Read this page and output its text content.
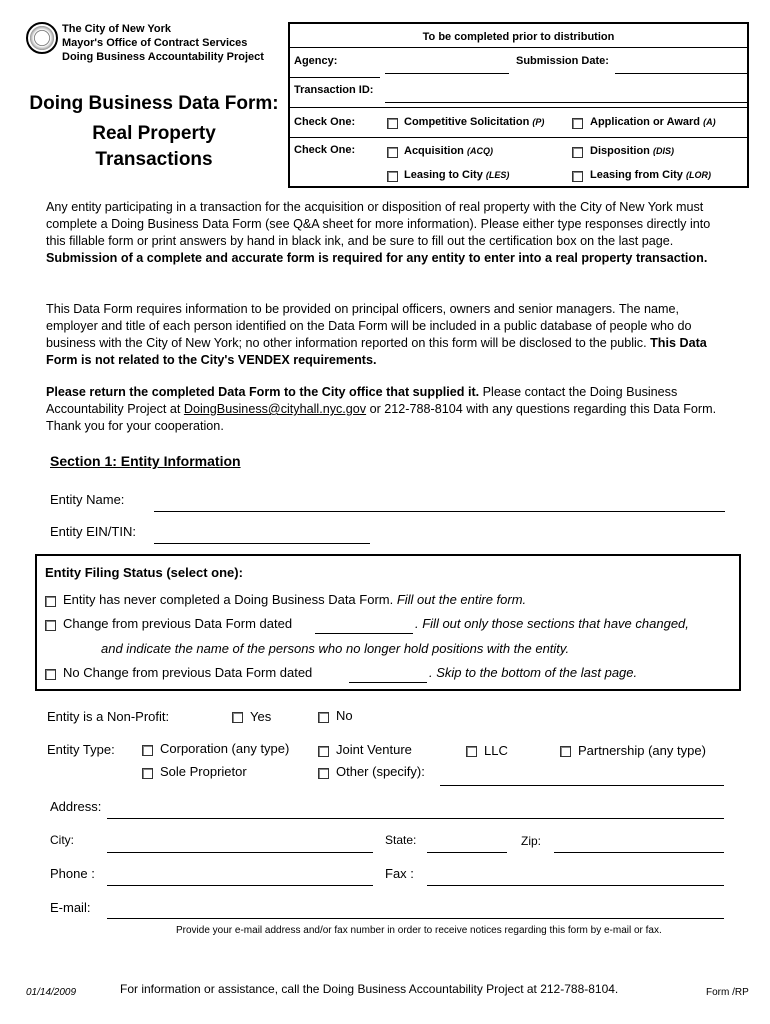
The City of New York
Mayor's Office of Contract Services
Doing Business Accountability Project
Doing Business Data Form:
Real Property
Transactions
To be completed prior to distribution
Agency:	Submission Date:
Transaction ID:
Check One:	Competitive Solicitation (P)	Application or Award (A)
Check One:	Acquisition (ACQ)	Disposition (DIS)
Leasing to City (LES)	Leasing from City (LOR)
Any entity participating in a transaction for the acquisition or disposition of real property with the City of New York must complete a Doing Business Data Form (see Q&A sheet for more information). Please either type responses directly into this fillable form or print answers by hand in black ink, and be sure to fill out the certification box on the last page. Submission of a complete and accurate form is required for any entity to enter into a real property transaction.
This Data Form requires information to be provided on principal officers, owners and senior managers. The name, employer and title of each person identified on the Data Form will be included in a public database of people who do business with the City of New York; no other information reported on this form will be disclosed to the public. This Data Form is not related to the City's VENDEX requirements.
Please return the completed Data Form to the City office that supplied it. Please contact the Doing Business Accountability Project at DoingBusiness@cityhall.nyc.gov or 212-788-8104 with any questions regarding this Data Form. Thank you for your cooperation.
Section 1: Entity Information
Entity Name:
Entity EIN/TIN:
Entity Filing Status (select one):
Entity has never completed a Doing Business Data Form. Fill out the entire form.
Change from previous Data Form dated	. Fill out only those sections that have changed,
and indicate the name of the persons who no longer hold positions with the entity.
No Change from previous Data Form dated	. Skip to the bottom of the last page.
Entity is a Non-Profit:	Yes	No
Entity Type:	Corporation (any type)	Joint Venture	LLC	Partnership (any type)
Sole Proprietor	Other (specify):
Address:
City:	State:	Zip:
Phone :	Fax :
E-mail:
Provide your e-mail address and/or fax number in order to receive notices regarding this form by e-mail or fax.
01/14/2009	For information or assistance, call the Doing Business Accountability Project at 212-788-8104.	Form /RP
